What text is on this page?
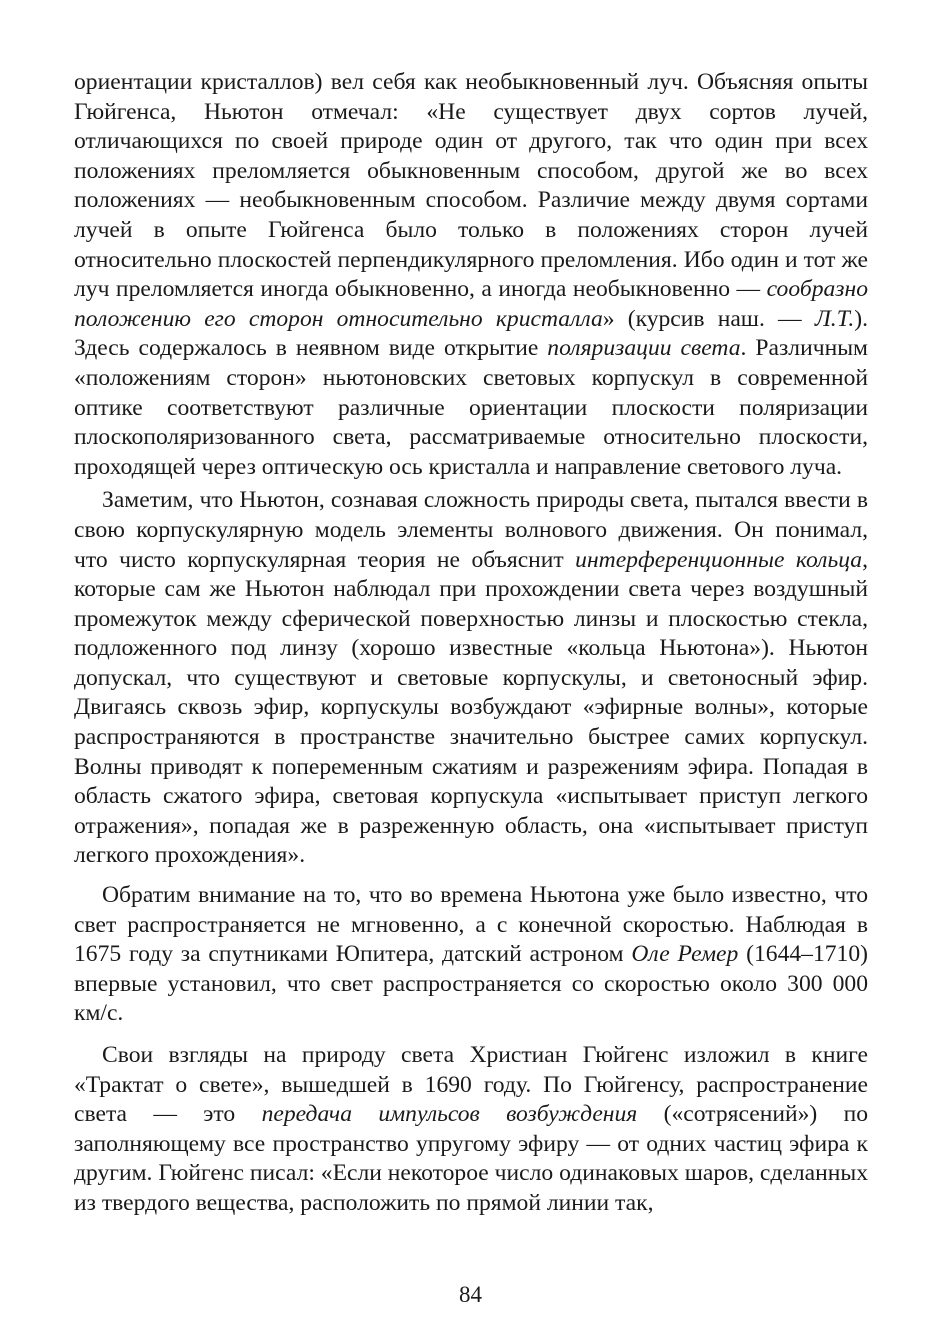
ориентации кристаллов) вел себя как необыкновенный луч. Объясняя опыты Гюйгенса, Ньютон отмечал: «Не существует двух сортов лучей, отличающихся по своей природе один от другого, так что один при всех положениях преломляется обыкновенным способом, другой же во всех положениях — необыкновенным способом. Различие между двумя сортами лучей в опыте Гюйгенса было только в положениях сторон лучей относительно плоскостей перпендикулярного преломления. Ибо один и тот же луч преломляется иногда обыкновенно, а иногда необыкновенно — сообразно положению его сторон относительно кристалла» (курсив наш. — Л.Т.). Здесь содержалось в неявном виде открытие поляризации света. Различным «положениям сторон» ньютоновских световых корпускул в современной оптике соответствуют различные ориентации плоскости поляризации плоскополяризованного света, рассматриваемые относительно плоскости, проходящей через оптическую ось кристалла и направление светового луча.

Заметим, что Ньютон, сознавая сложность природы света, пытался ввести в свою корпускулярную модель элементы волнового движения. Он понимал, что чисто корпускулярная теория не объяснит интерференционные кольца, которые сам же Ньютон наблюдал при прохождении света через воздушный промежуток между сферической поверхностью линзы и плоскостью стекла, подложенного под линзу (хорошо известные «кольца Ньютона»). Ньютон допускал, что существуют и световые корпускулы, и светоносный эфир. Двигаясь сквозь эфир, корпускулы возбуждают «эфирные волны», которые распространяются в пространстве значительно быстрее самих корпускул. Волны приводят к попеременным сжатиям и разрежениям эфира. Попадая в область сжатого эфира, световая корпускула «испытывает приступ легкого отражения», попадая же в разреженную область, она «испытывает приступ легкого прохождения».

Обратим внимание на то, что во времена Ньютона уже было известно, что свет распространяется не мгновенно, а с конечной скоростью. Наблюдая в 1675 году за спутниками Юпитера, датский астроном Оле Ремер (1644–1710) впервые установил, что свет распространяется со скоростью около 300 000 км/с.

Свои взгляды на природу света Христиан Гюйгенс изложил в книге «Трактат о свете», вышедшей в 1690 году. По Гюйгенсу, распространение света — это передача импульсов возбуждения («сотрясений») по заполняющему все пространство упругому эфиру — от одних частиц эфира к другим. Гюйгенс писал: «Если некоторое число одинаковых шаров, сделанных из твердого вещества, расположить по прямой линии так,

84
